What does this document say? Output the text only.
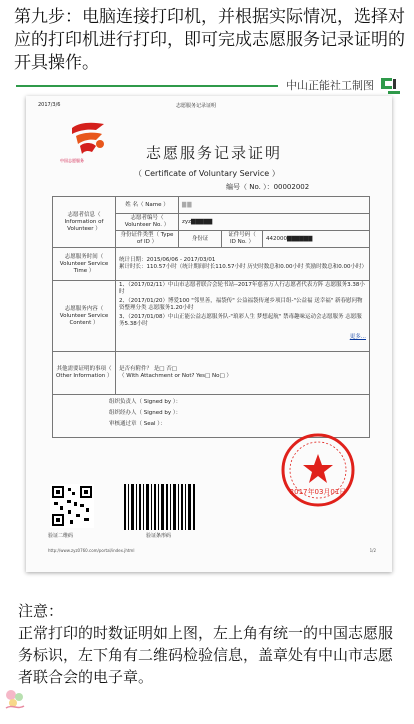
第九步：电脑连接打印机，并根据实际情况，选择对应的打印机进行打印，即可完成志愿服务记录证明的开具操作。
中山正能社工制图
2017/3/6	志愿服务记录证明
中国志愿服务	志愿服务记录证明
（ Certificate of Voluntary Service ）
编号（ No. ）：00002002
志愿者信息（ Information of Volunteer ）	姓 名（ Name ）	▇▇		
	志愿者编号（ Volunteer No. ）	zyz▇▇▇▇▇		
	身份证件类型（ Type of ID ）	身份证	证件号码（ ID No. ）	442000▇▇▇▇▇▇
志愿服务时间（ Volunteer Service Time ）	统计日期：2015/06/06 - 2017/03/01
累计时长：110.57小时（统计期间时长110.57小时 历史时数总和0.00小时 奖励时数总和0.00小时）			

志愿服务内容（ Volunteer Service Content ）	1、（2017/02/11）中山市志愿者联合会轮书站--2017年慈善万人行志愿者代表方阵 志愿服务3.38小时
2、（2017/01/20）博爱100 "邻里善，福袋传" 公益福袋传递乡项目组-"公益福 送幸福" 新春慰问物资整理分类 志愿服务1.20小时
3、（2017/01/08）中山正能公益志愿服务队-"琅彩人生 梦想起航" 禁毒趣味运动会志愿服务 志愿服务5.38小时
更多...			

其他需要证明的事项（ Other Information ）	是否有附件？ 是□ 否□
（ With Attachment or Not? Yes□ No□ ）			

组织负责人（ Signed by ）：
组织经办人（ Signed by ）：
审核通过章（ Seal ）：				
2017年03月01日
验证二维码	验证条形码
http://www.zyz0760.com/portal/index.jhtml	1/2
注意：
正常打印的时数证明如上图，左上角有统一的中国志愿服务标识，左下角有二维码检验信息，盖章处有中山市志愿者联合会的电子章。
